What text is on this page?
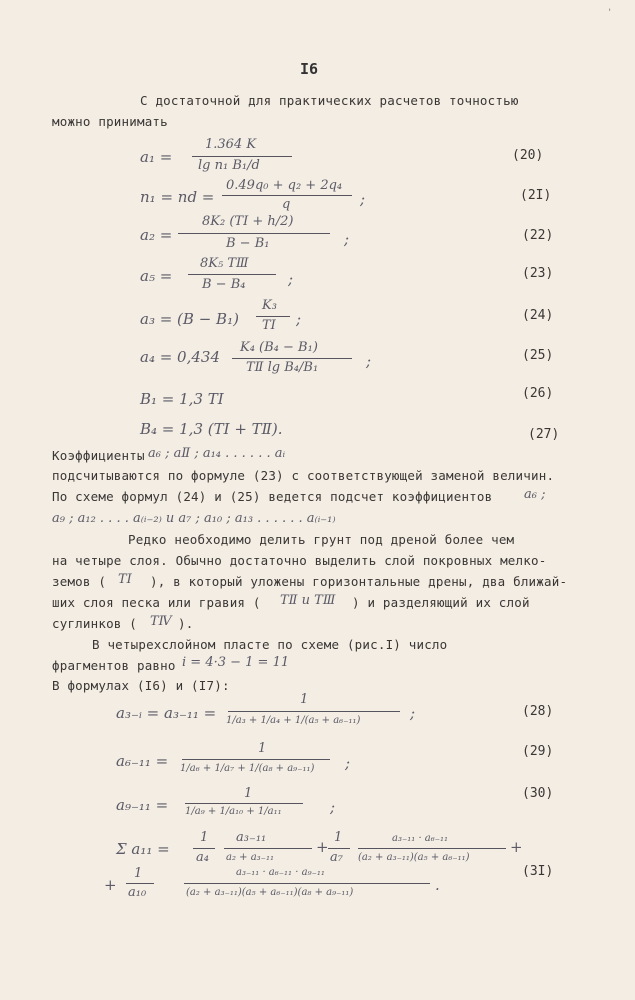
'
I6
С достаточной для практических расчетов точностью
можно принимать
a₁ =
1.364 K
lg n₁ B₁/d
(20)
n₁ = nd =
0.49q₀ + q₂ + 2q₄
q	;	(2I)
a₂ =
8K₂ (TⅠ + h/2)
B − B₁	;	(22)
a₅ =
8K₅ TⅢ
B − B₄	;	(23)
a₃ = (B − B₁)
K₃
TⅠ ;	(24)
a₄ = 0,434
K₄ (B₄ − B₁)
TⅡ lg B₄/B₁	;	(25)
B₁ = 1,3 TⅠ	(26)
B₄ = 1,3 (TⅠ + TⅡ).	(27)
Коэффициенты a₆ ; aⅡ ; a₁₄ . . . . . . aᵢ
подсчитываются по формуле (23) с соответствующей заменой величин.
По схеме формул (24) и (25) ведется подсчет коэффициентов a₆ ;
a₉ ; a₁₂ . . . . a₍ᵢ₋₂₎ и a₇ ; a₁₀ ; a₁₃ . . . . . . a₍ᵢ₋₁₎
Редко необходимо делить грунт под дреной более чем
на четыре слоя. Обычно достаточно выделить слой покровных мелко-
земов ( TⅠ ), в который уложены горизонтальные дрены, два ближай-
ших слоя песка или гравия ( TⅡ и TⅢ ) и разделяющий их слой
суглинков ( TⅣ ).
В четырехслойном пласте по схеме (рис.I) число
фрагментов равно i = 4·3 − 1 = 11
В формулах (I6) и (I7):
a₃₋ᵢ = a₃₋₁₁ =
1
1/a₃ + 1/a₄ + 1/(a₅ + a₆₋₁₁)	;	(28)
a₆₋₁₁ =
1
1/a₆ + 1/a₇ + 1/(a₈ + a₉₋₁₁) ;
(29)
a₉₋₁₁ =
1
1/a₉ + 1/a₁₀ + 1/a₁₁	;
(30)
Σ a₁₁ =
1
a₄
a₃₋₁₁
a₂ + a₃₋₁₁
+
1
a₇
a₃₋₁₁ · a₆₋₁₁
(a₂ + a₃₋₁₁)(a₅ + a₆₋₁₁)
+
+
1
a₁₀
a₃₋₁₁ · a₆₋₁₁ · a₉₋₁₁
(a₂ + a₃₋₁₁)(a₅ + a₆₋₁₁)(a₈ + a₉₋₁₁)	.
(3I)
